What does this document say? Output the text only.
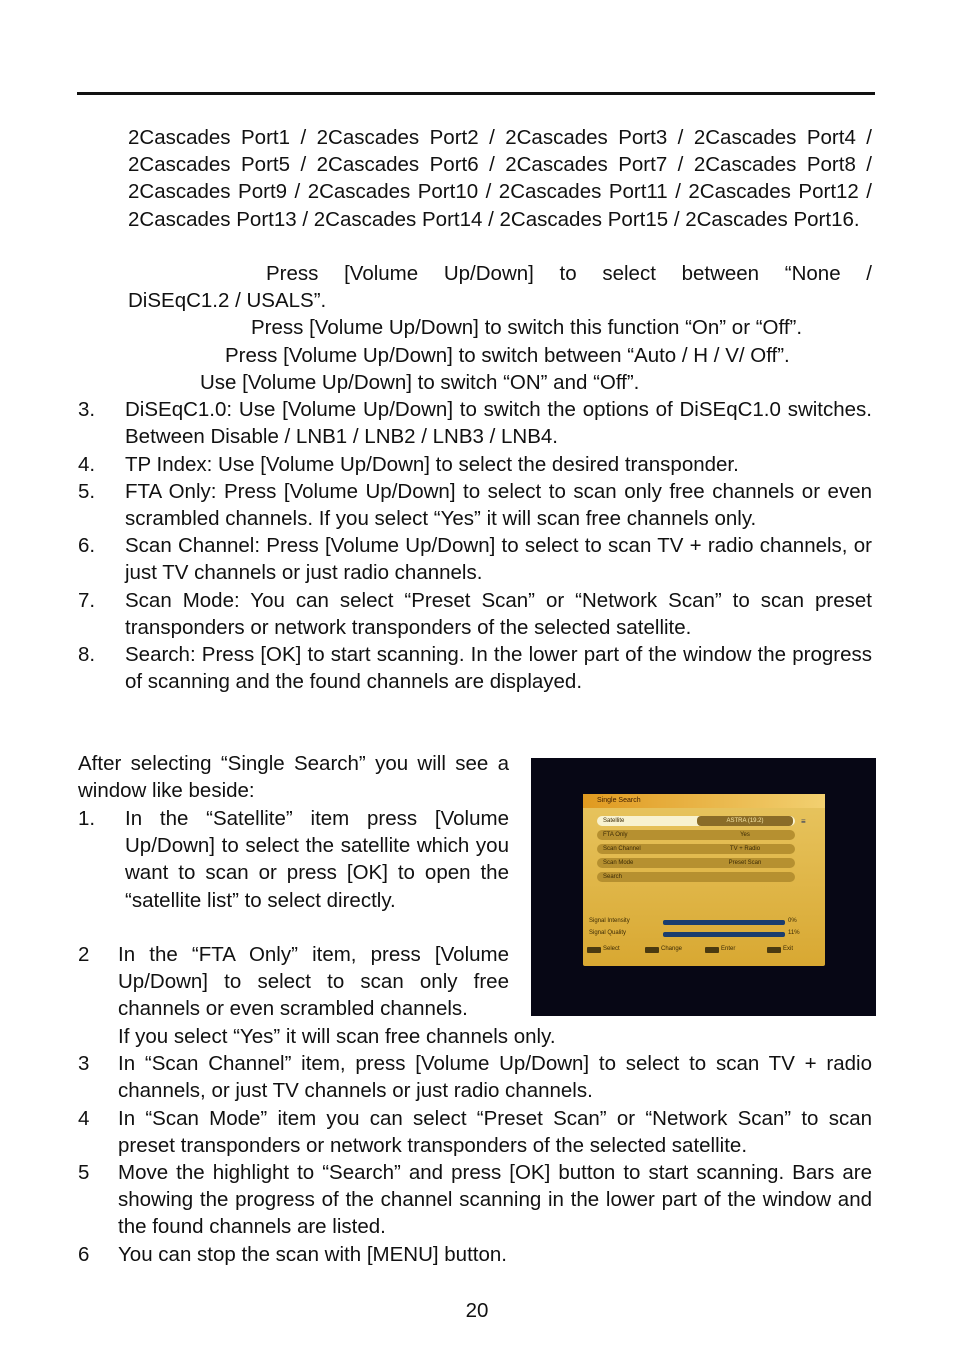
2Cascades Port1 / 2Cascades Port2 / 2Cascades Port3 / 2Cascades Port4 / 2Cascades Port5 / 2Cascades Port6 / 2Cascades Port7 / 2Cascades Port8 / 2Cascades Port9 / 2Cascades Port10 / 2Cascades Port11 / 2Cascades Port12 / 2Cascades Port13 / 2Cascades Port14 / 2Cascades Port15 / 2Cascades Port16.
Press [Volume Up/Down] to select between “None /
DiSEqC1.2 / USALS”.
Press [Volume Up/Down] to switch this function “On” or “Off”.
Press [Volume Up/Down] to switch between “Auto / H / V/ Off”.
Use [Volume Up/Down] to switch “ON” and “Off”.
3. DiSEqC1.0: Use [Volume Up/Down] to switch the options of DiSEqC1.0 switches. Between Disable / LNB1 / LNB2 / LNB3 / LNB4.
4. TP Index: Use [Volume Up/Down] to select the desired transponder.
5. FTA Only: Press [Volume Up/Down] to select to scan only free channels or even scrambled channels. If you select “Yes” it will scan free channels only.
6. Scan Channel: Press [Volume Up/Down] to select to scan TV + radio channels, or just TV channels or just radio channels.
7. Scan Mode: You can select “Preset Scan” or “Network Scan” to scan preset transponders or network transponders of the selected satellite.
8. Search: Press [OK] to start scanning. In the lower part of the window the progress of scanning and the found channels are displayed.
After selecting “Single Search” you will see a window like beside:
1. In the “Satellite” item press [Volume Up/Down] to select the satellite which you want to scan or press [OK] to open the “satellite list” to select directly.
2 In the “FTA Only” item, press [Volume Up/Down] to select to scan only free channels or even scrambled channels.
If you select “Yes” it will scan free channels only.
3 In “Scan Channel” item, press [Volume Up/Down] to select to scan TV + radio channels, or just TV channels or just radio channels.
4 In “Scan Mode” item you can select “Preset Scan” or “Network Scan” to scan preset transponders or network transponders of the selected satellite.
5 Move the highlight to “Search” and press [OK] button to start scanning. Bars are showing the progress of the channel scanning in the lower part of the window and the found channels are listed.
6 You can stop the scan with [MENU] button.
Single Search
≡
Satellite	ASTRA (19.2)
FTA Only	Yes
Scan Channel	TV + Radio
Scan Mode	Preset Scan
Search
Signal Intensity	0%
Signal Quality	11%
Select	Change	Enter	Exit
20
